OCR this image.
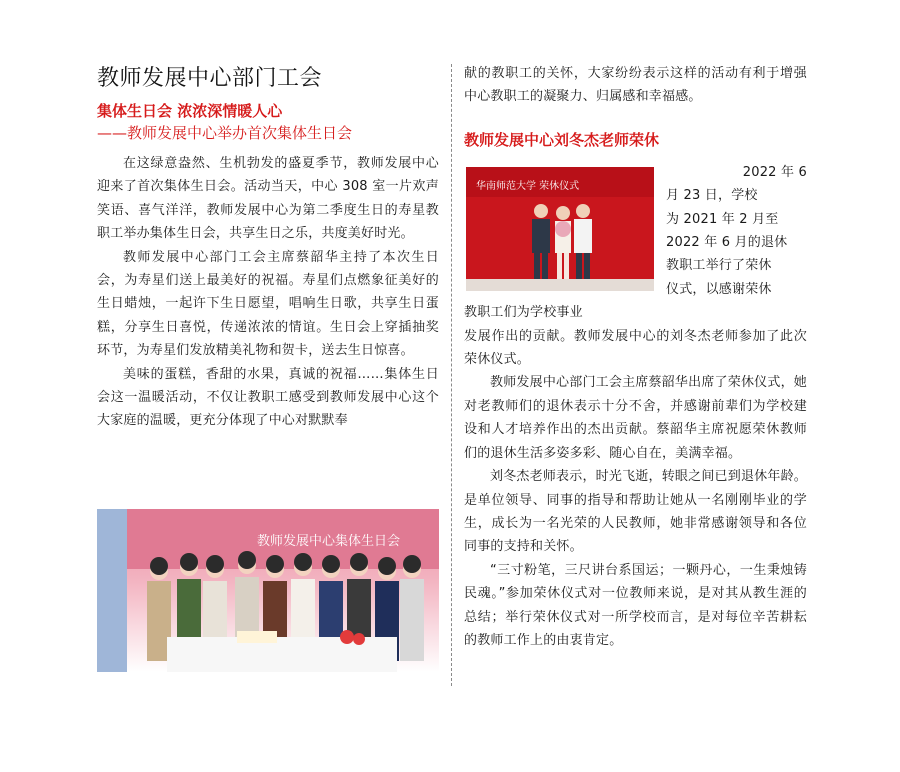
教师发展中心部门工会
集体生日会 浓浓深情暖人心
——教师发展中心举办首次集体生日会

在这绿意盎然、生机勃发的盛夏季节，教师发展中心迎来了首次集体生日会。活动当天，中心 308 室一片欢声笑语、喜气洋洋，教师发展中心为第二季度生日的寿星教职工举办集体生日会，共享生日之乐，共度美好时光。

教师发展中心部门工会主席蔡韶华主持了本次生日会，为寿星们送上最美好的祝福。寿星们点燃象征美好的生日蜡烛，一起许下生日愿望，唱响生日歌，共享生日蛋糕，分享生日喜悦，传递浓浓的情谊。生日会上穿插抽奖环节，为寿星们发放精美礼物和贺卡，送去生日惊喜。

美味的蛋糕，香甜的水果，真诚的祝福……集体生日会这一温暖活动，不仅让教职工感受到教师发展中心这个大家庭的温暖，更充分体现了中心对默默奉

教师发展中心集体生日会

献的教职工的关怀，大家纷纷表示这样的活动有利于增强中心教职工的凝聚力、归属感和幸福感。

教师发展中心刘冬杰老师荣休
华南师范大学 荣休仪式
2022 年 6
月 23 日，学校
为 2021 年 2 月至
2022 年 6 月的退休
教职工举行了荣休
仪式，以感谢荣休
教职工们为学校事业

发展作出的贡献。教师发展中心的刘冬杰老师参加了此次荣休仪式。

教师发展中心部门工会主席蔡韶华出席了荣休仪式，她对老教师们的退休表示十分不舍，并感谢前辈们为学校建设和人才培养作出的杰出贡献。蔡韶华主席祝愿荣休教师们的退休生活多姿多彩、随心自在，美满幸福。

刘冬杰老师表示，时光飞逝，转眼之间已到退休年龄。是单位领导、同事的指导和帮助让她从一名刚刚毕业的学生，成长为一名光荣的人民教师，她非常感谢领导和各位同事的支持和关怀。

“三寸粉笔，三尺讲台系国运；一颗丹心，一生秉烛铸民魂。”参加荣休仪式对一位教师来说，是对其从教生涯的总结；举行荣休仪式对一所学校而言，是对每位辛苦耕耘的教师工作上的由衷肯定。
